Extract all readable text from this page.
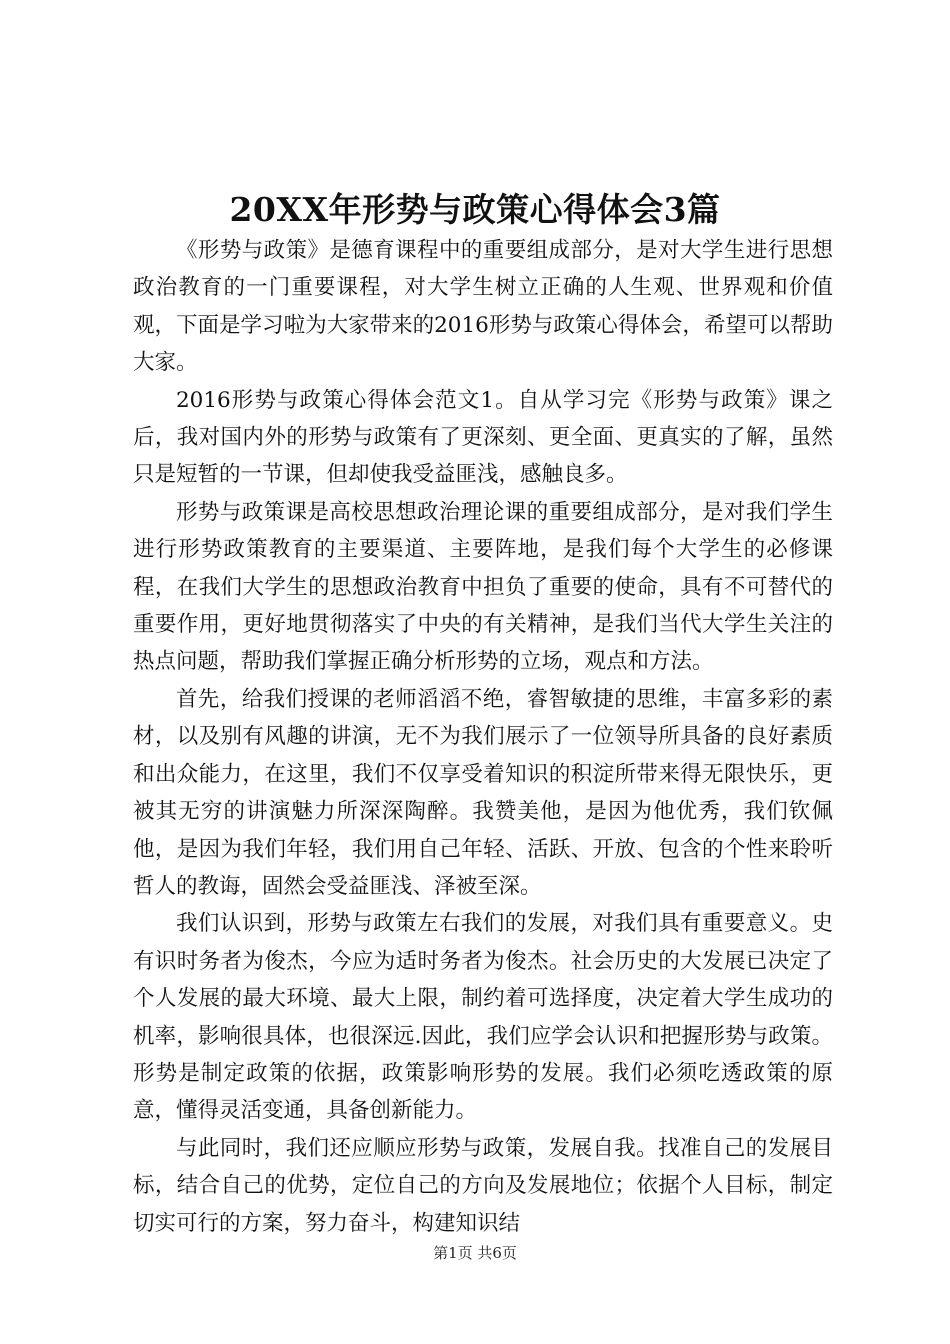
20XX年形势与政策心得体会3篇

《形势与政策》是德育课程中的重要组成部分，是对大学生进行思想政治教育的一门重要课程，对大学生树立正确的人生观、世界观和价值观，下面是学习啦为大家带来的2016形势与政策心得体会，希望可以帮助大家。

2016形势与政策心得体会范文1。自从学习完《形势与政策》课之后，我对国内外的形势与政策有了更深刻、更全面、更真实的了解，虽然只是短暂的一节课，但却使我受益匪浅，感触良多。

形势与政策课是高校思想政治理论课的重要组成部分，是对我们学生进行形势政策教育的主要渠道、主要阵地，是我们每个大学生的必修课程，在我们大学生的思想政治教育中担负了重要的使命，具有不可替代的重要作用，更好地贯彻落实了中央的有关精神，是我们当代大学生关注的热点问题，帮助我们掌握正确分析形势的立场，观点和方法。

首先，给我们授课的老师滔滔不绝，睿智敏捷的思维，丰富多彩的素材，以及别有风趣的讲演，无不为我们展示了一位领导所具备的良好素质和出众能力，在这里，我们不仅享受着知识的积淀所带来得无限快乐，更被其无穷的讲演魅力所深深陶醉。我赞美他，是因为他优秀，我们钦佩他，是因为我们年轻，我们用自己年轻、活跃、开放、包含的个性来聆听哲人的教诲，固然会受益匪浅、泽被至深。

我们认识到，形势与政策左右我们的发展，对我们具有重要意义。史有识时务者为俊杰，今应为适时务者为俊杰。社会历史的大发展已决定了个人发展的最大环境、最大上限，制约着可选择度，决定着大学生成功的机率，影响很具体，也很深远.因此，我们应学会认识和把握形势与政策。形势是制定政策的依据，政策影响形势的发展。我们必须吃透政策的原意，懂得灵活变通，具备创新能力。

与此同时，我们还应顺应形势与政策，发展自我。找准自己的发展目标，结合自己的优势，定位自己的方向及发展地位；依据个人目标，制定切实可行的方案，努力奋斗，构建知识结

第1页 共6页
